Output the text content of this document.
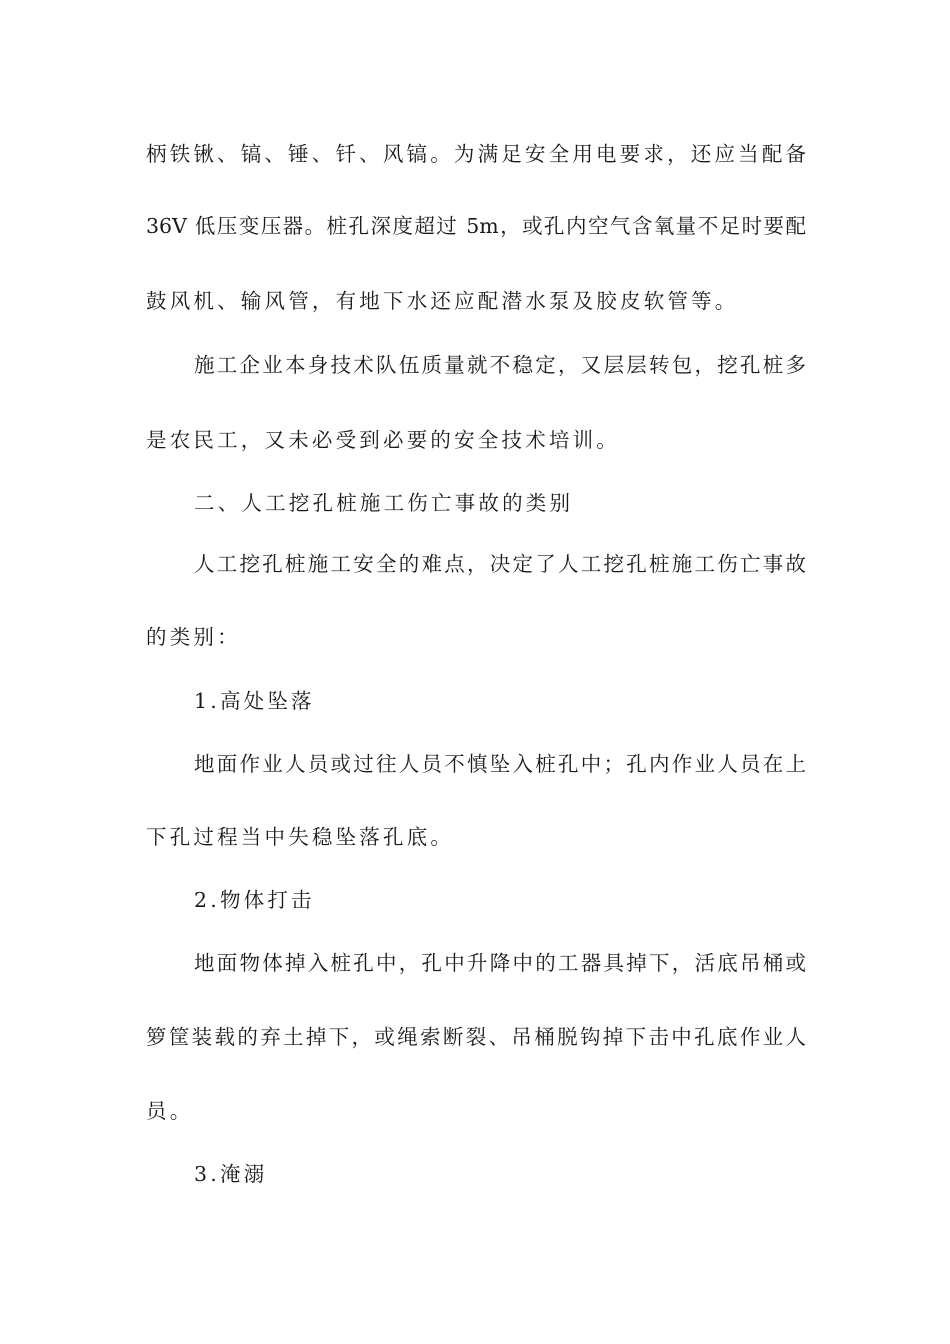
柄铁锹、镐、锤、钎、风镐。为满足安全用电要求，还应当配备
36V 低压变压器。桩孔深度超过 5m，或孔内空气含氧量不足时要配
鼓风机、输风管，有地下水还应配潜水泵及胶皮软管等。
施工企业本身技术队伍质量就不稳定，又层层转包，挖孔桩多
是农民工，又未必受到必要的安全技术培训。
二、人工挖孔桩施工伤亡事故的类别
人工挖孔桩施工安全的难点，决定了人工挖孔桩施工伤亡事故
的类别：
1.高处坠落
地面作业人员或过往人员不慎坠入桩孔中；孔内作业人员在上
下孔过程当中失稳坠落孔底。
2.物体打击
地面物体掉入桩孔中，孔中升降中的工器具掉下，活底吊桶或
箩筐装载的弃土掉下，或绳索断裂、吊桶脱钩掉下击中孔底作业人
员。
3.淹溺
